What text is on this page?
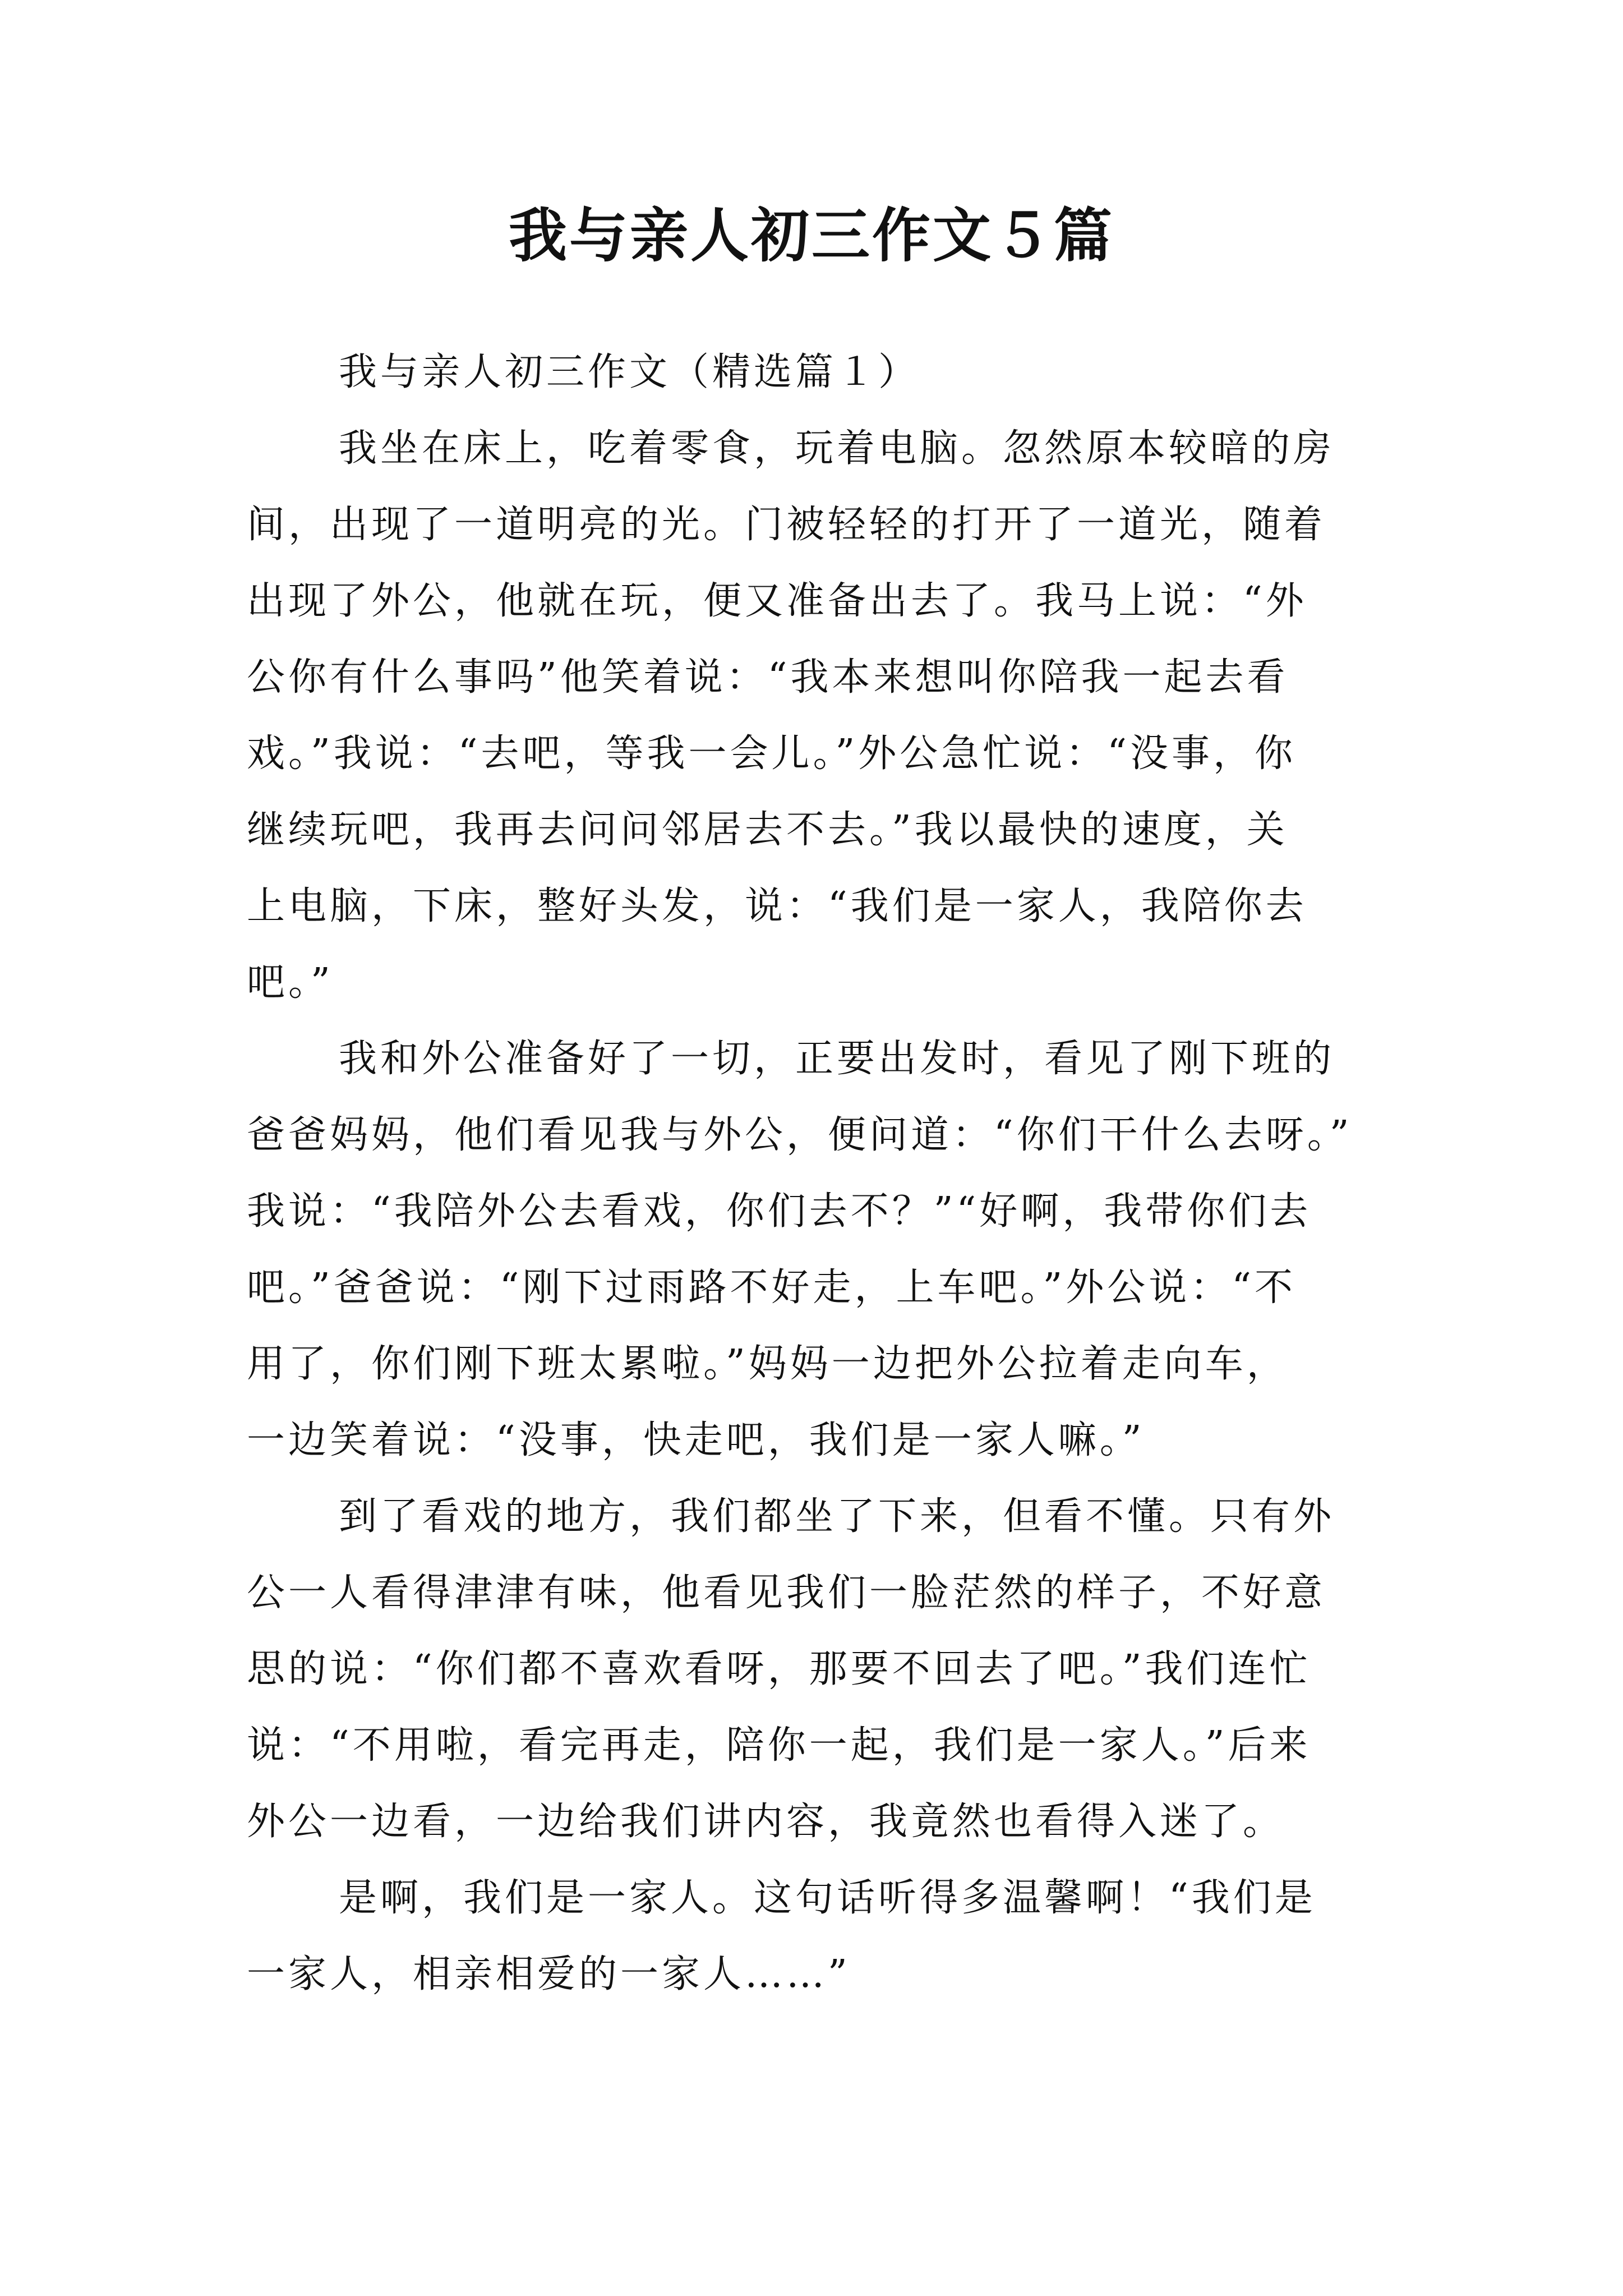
我与亲人初三作文５篇

我与亲人初三作文（精选篇１）

我坐在床上，吃着零食，玩着电脑。忽然原本较暗的房
间，出现了一道明亮的光。门被轻轻的打开了一道光，随着
出现了外公，他就在玩，便又准备出去了。我马上说：“外
公你有什么事吗”他笑着说：“我本来想叫你陪我一起去看
戏。”我说：“去吧，等我一会儿。”外公急忙说：“没事，你
继续玩吧，我再去问问邻居去不去。”我以最快的速度，关
上电脑，下床，整好头发，说：“我们是一家人，我陪你去
吧。”
我和外公准备好了一切，正要出发时，看见了刚下班的
爸爸妈妈，他们看见我与外公，便问道：“你们干什么去呀。”
我说：“我陪外公去看戏，你们去不？”“好啊，我带你们去
吧。”爸爸说：“刚下过雨路不好走，上车吧。”外公说：“不
用了，你们刚下班太累啦。”妈妈一边把外公拉着走向车，
一边笑着说：“没事，快走吧，我们是一家人嘛。”
到了看戏的地方，我们都坐了下来，但看不懂。只有外
公一人看得津津有味，他看见我们一脸茫然的样子，不好意
思的说：“你们都不喜欢看呀，那要不回去了吧。”我们连忙
说：“不用啦，看完再走，陪你一起，我们是一家人。”后来
外公一边看，一边给我们讲内容，我竟然也看得入迷了。
是啊，我们是一家人。这句话听得多温馨啊！“我们是
一家人，相亲相爱的一家人……”
